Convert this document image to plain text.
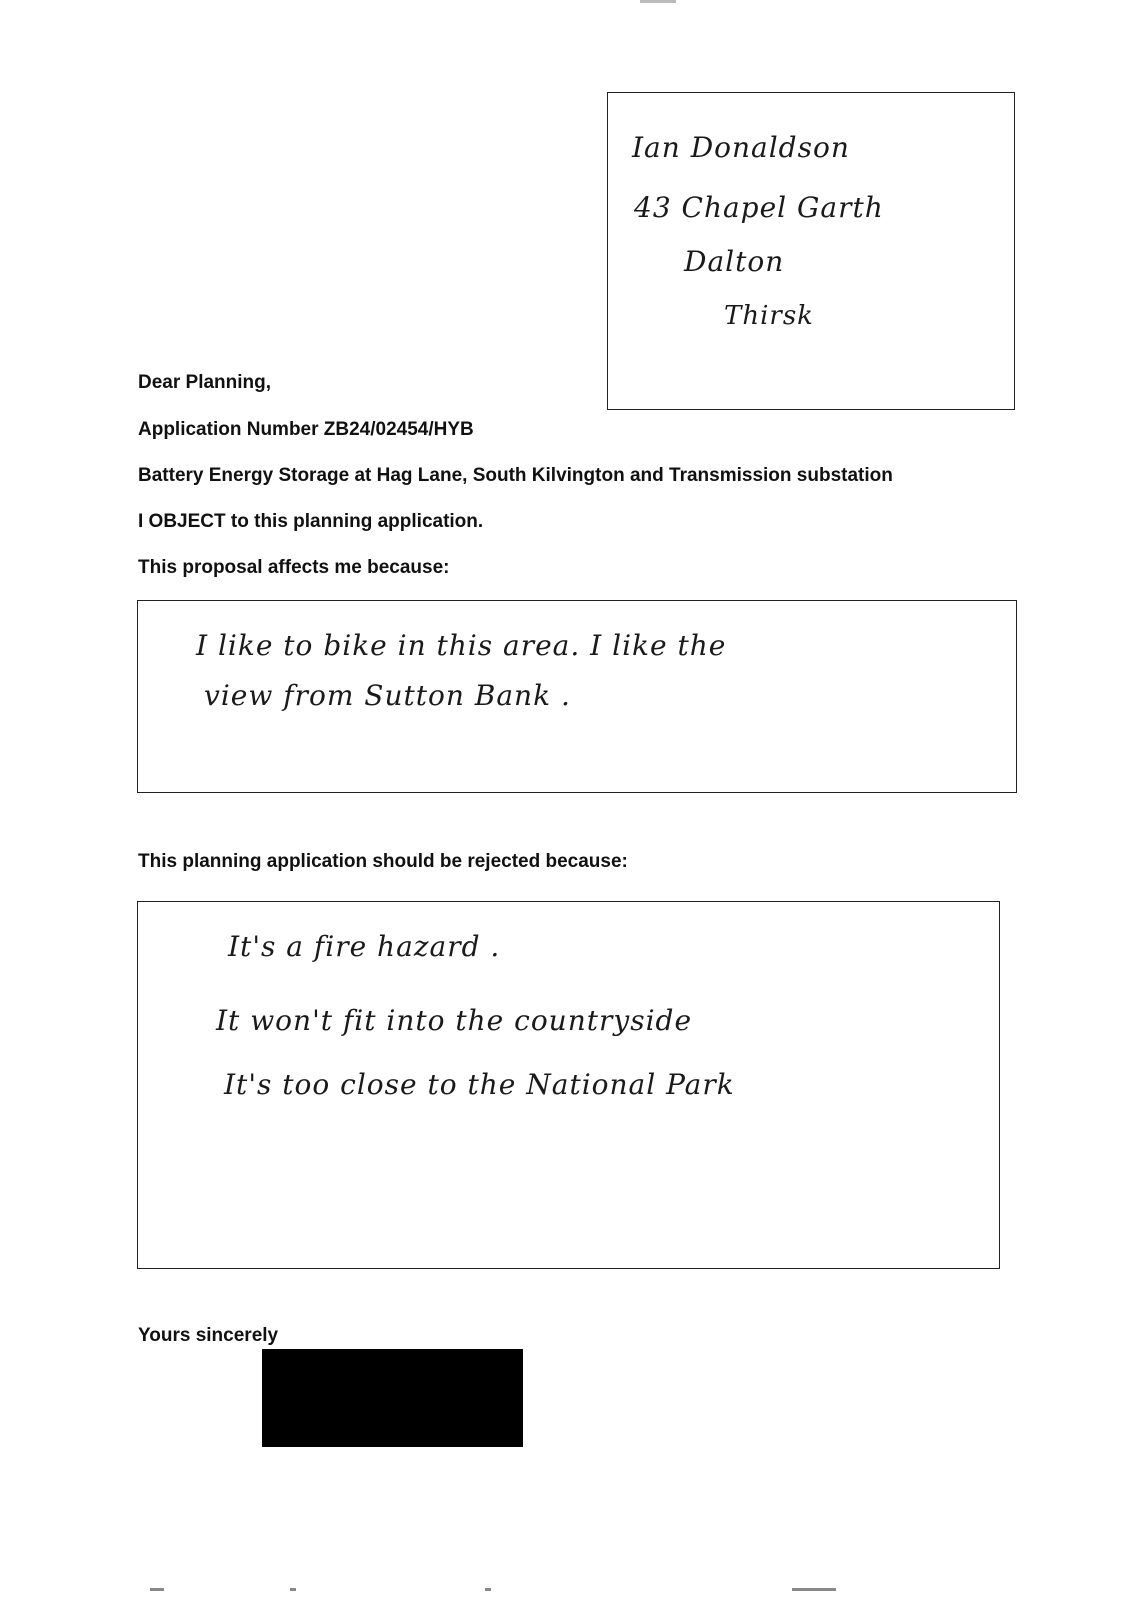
Ian Donaldson
43 Chapel Garth
Dalton
Thirsk
Dear Planning,
Application Number ZB24/02454/HYB
Battery Energy Storage at Hag Lane, South Kilvington and Transmission substation
I OBJECT to this planning application.
This proposal affects me because:
I like to bike in this area. I like the
view from Sutton Bank .
This planning application should be rejected because:
It's a fire hazard .
It won't fit into the countryside
It's too close to the National Park
Yours sincerely
